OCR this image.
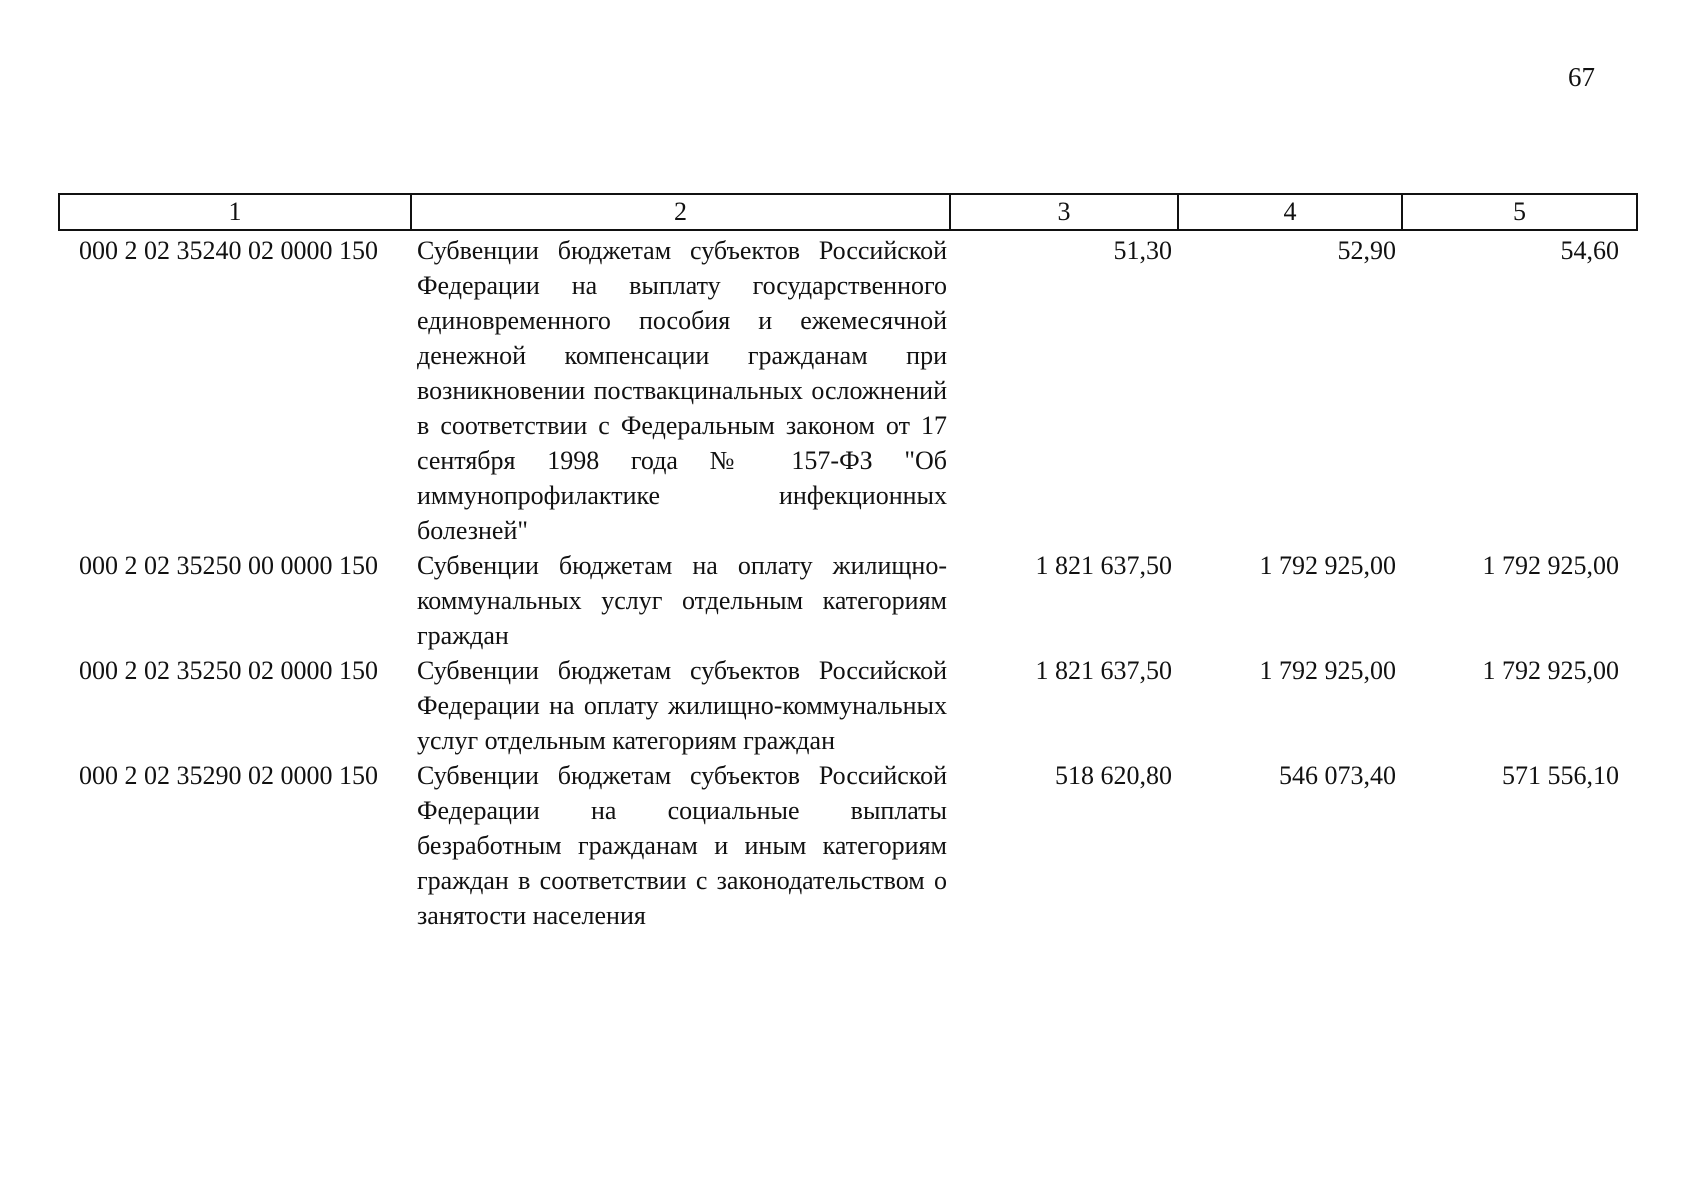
67
1	2	3	4	5
000 2 02 35240 02 0000 150	Субвенции бюджетам субъектов Российской Федерации на выплату государственного единовременного пособия и ежемесячной денежной компенсации гражданам при возникновении поствакцинальных осложнений в соответствии с Федеральным законом от 17 сентября 1998 года № 157-ФЗ "Об иммунопрофилактике инфекционных болезней"	51,30	52,90	54,60
000 2 02 35250 00 0000 150	Субвенции бюджетам на оплату жилищно-коммунальных услуг отдельным категориям граждан	1 821 637,50	1 792 925,00	1 792 925,00
000 2 02 35250 02 0000 150	Субвенции бюджетам субъектов Российской Федерации на оплату жилищно-коммунальных услуг отдельным категориям граждан	1 821 637,50	1 792 925,00	1 792 925,00
000 2 02 35290 02 0000 150	Субвенции бюджетам субъектов Российской Федерации на социальные выплаты безработным гражданам и иным категориям граждан в соответствии с законодательством о занятости населения	518 620,80	546 073,40	571 556,10
